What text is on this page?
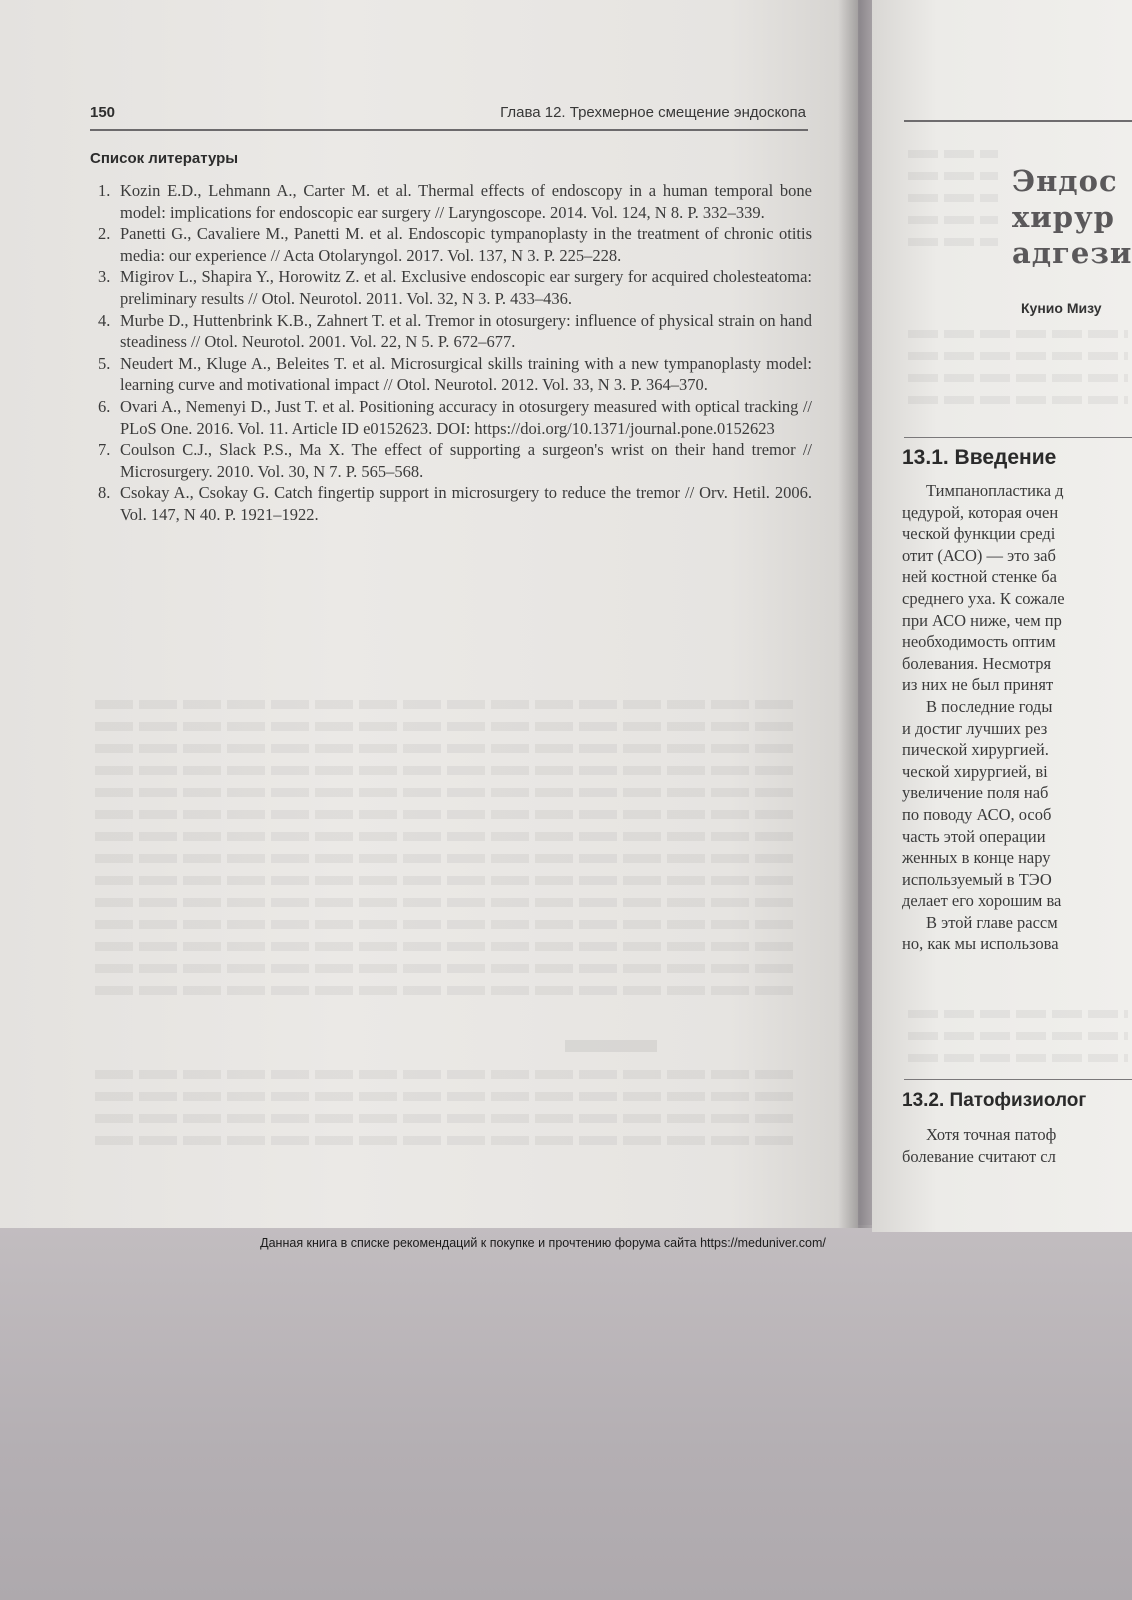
150	Глава 12. Трехмерное смещение эндоскопа
Список литературы
1. Kozin E.D., Lehmann A., Carter M. et al. Thermal effects of endoscopy in a human temporal bone model: implications for endoscopic ear surgery // Laryngoscope. 2014. Vol. 124, N 8. P. 332–339.
2. Panetti G., Cavaliere M., Panetti M. et al. Endoscopic tympanoplasty in the treatment of chronic otitis media: our experience // Acta Otolaryngol. 2017. Vol. 137, N 3. P. 225–228.
3. Migirov L., Shapira Y., Horowitz Z. et al. Exclusive endoscopic ear surgery for acquired cholesteatoma: preliminary results // Otol. Neurotol. 2011. Vol. 32, N 3. P. 433–436.
4. Murbe D., Huttenbrink K.B., Zahnert T. et al. Tremor in otosurgery: influence of physical strain on hand steadiness // Otol. Neurotol. 2001. Vol. 22, N 5. P. 672–677.
5. Neudert M., Kluge A., Beleites T. et al. Microsurgical skills training with a new tympanoplasty model: learning curve and motivational impact // Otol. Neurotol. 2012. Vol. 33, N 3. P. 364–370.
6. Ovari A., Nemenyi D., Just T. et al. Positioning accuracy in otosurgery measured with optical tracking // PLoS One. 2016. Vol. 11. Article ID e0152623. DOI: https://doi.org/10.1371/journal.pone.0152623
7. Coulson C.J., Slack P.S., Ma X. The effect of supporting a surgeon's wrist on their hand tremor // Microsurgery. 2010. Vol. 30, N 7. P. 565–568.
8. Csokay A., Csokay G. Catch fingertip support in microsurgery to reduce the tremor // Orv. Hetil. 2006. Vol. 147, N 40. P. 1921–1922.
Эндос
хирур
адгези
Кунио Мизу
13.1. Введение

Тимпанопластика д
цедурой, которая очен
ческой функции среді
отит (АСО) — это заб
ней костной стенке ба
среднего уха. К сожале
при АСО ниже, чем пр
необходимость оптим
болевания. Несмотря
из них не был принят
В последние годы
и достиг лучших рез
пической хирургией.
ческой хирургией, ві
увеличение поля наб
по поводу АСО, особ
часть этой операции
женных в конце нару
используемый в ТЭО
делает его хорошим ва
В этой главе рассм
но, как мы использова

13.2. Патофизиолог

Хотя точная патоф
болевание считают сл

Данная книга в списке рекомендаций к покупке и прочтению форума сайта https://meduniver.com/
